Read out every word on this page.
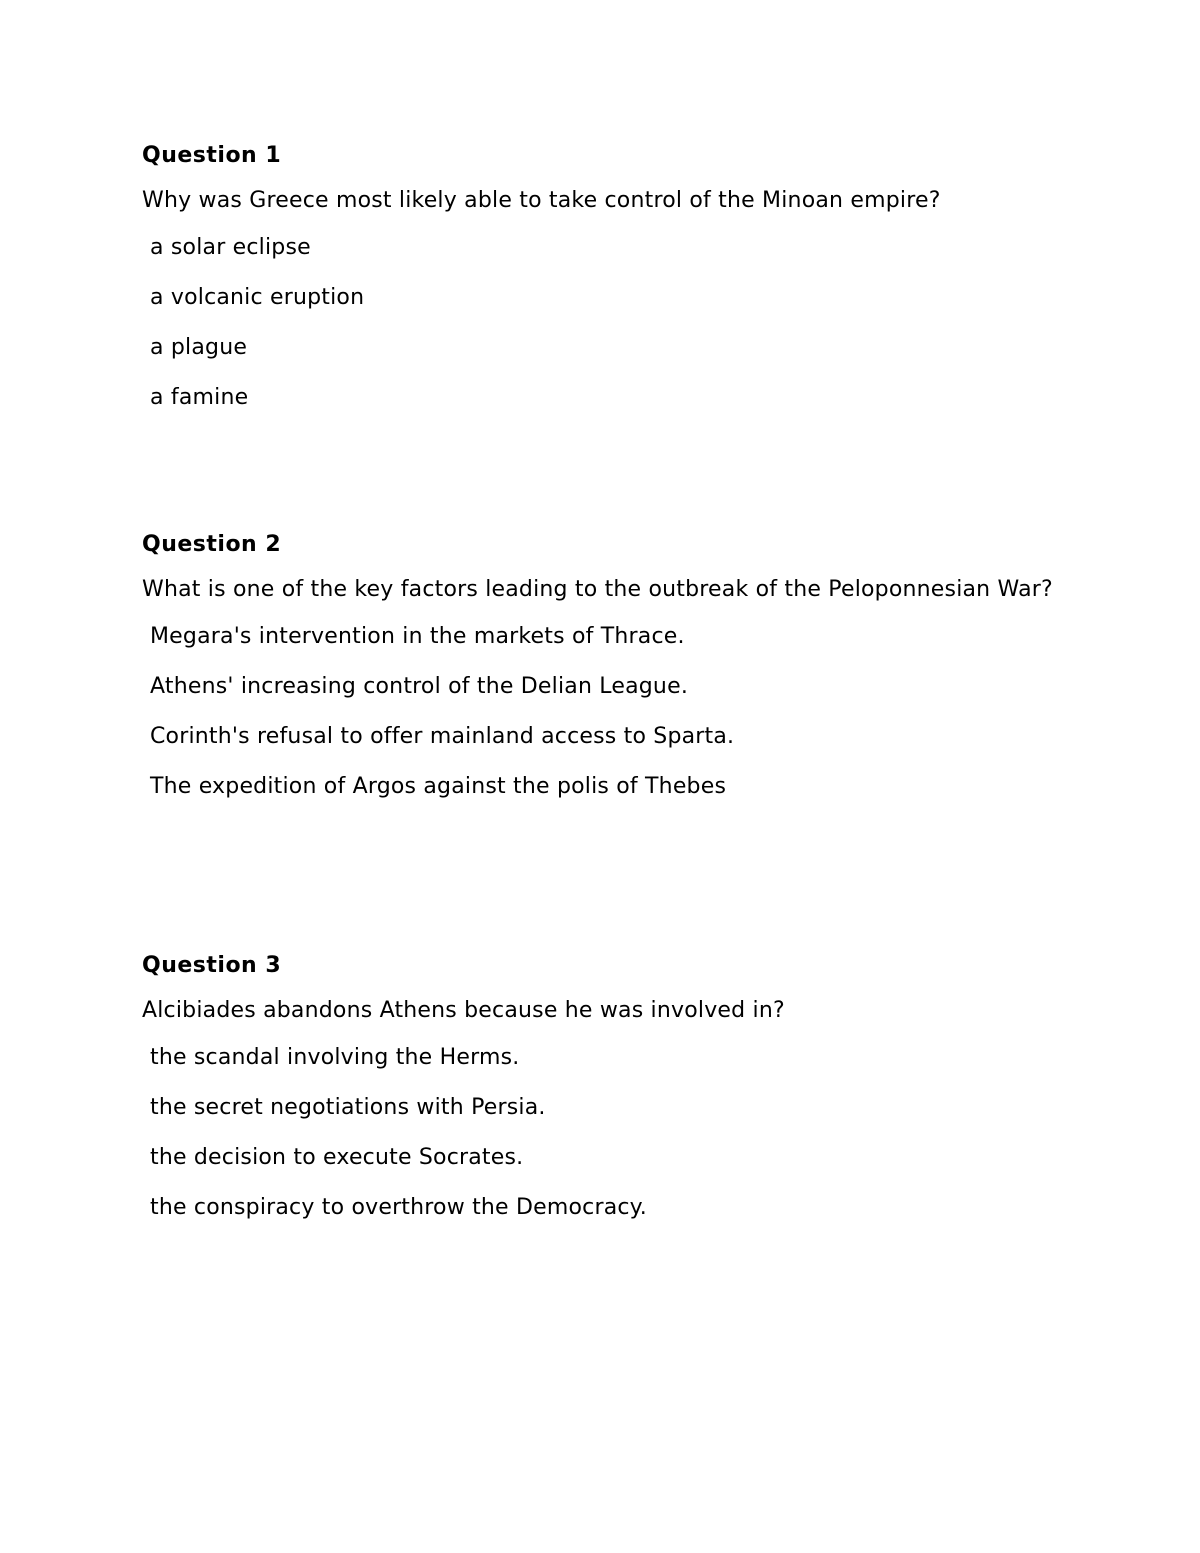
Question 1

Why was Greece most likely able to take control of the Minoan empire?

a solar eclipse
a volcanic eruption
a plague
a famine
Question 2

What is one of the key factors leading to the outbreak of the Peloponnesian War?

Megara's intervention in the markets of Thrace.
Athens' increasing control of the Delian League.
Corinth's refusal to offer mainland access to Sparta.
The expedition of Argos against the polis of Thebes
Question 3

Alcibiades abandons Athens because he was involved in?

the scandal involving the Herms.
the secret negotiations with Persia.
the decision to execute Socrates.
the conspiracy to overthrow the Democracy.
